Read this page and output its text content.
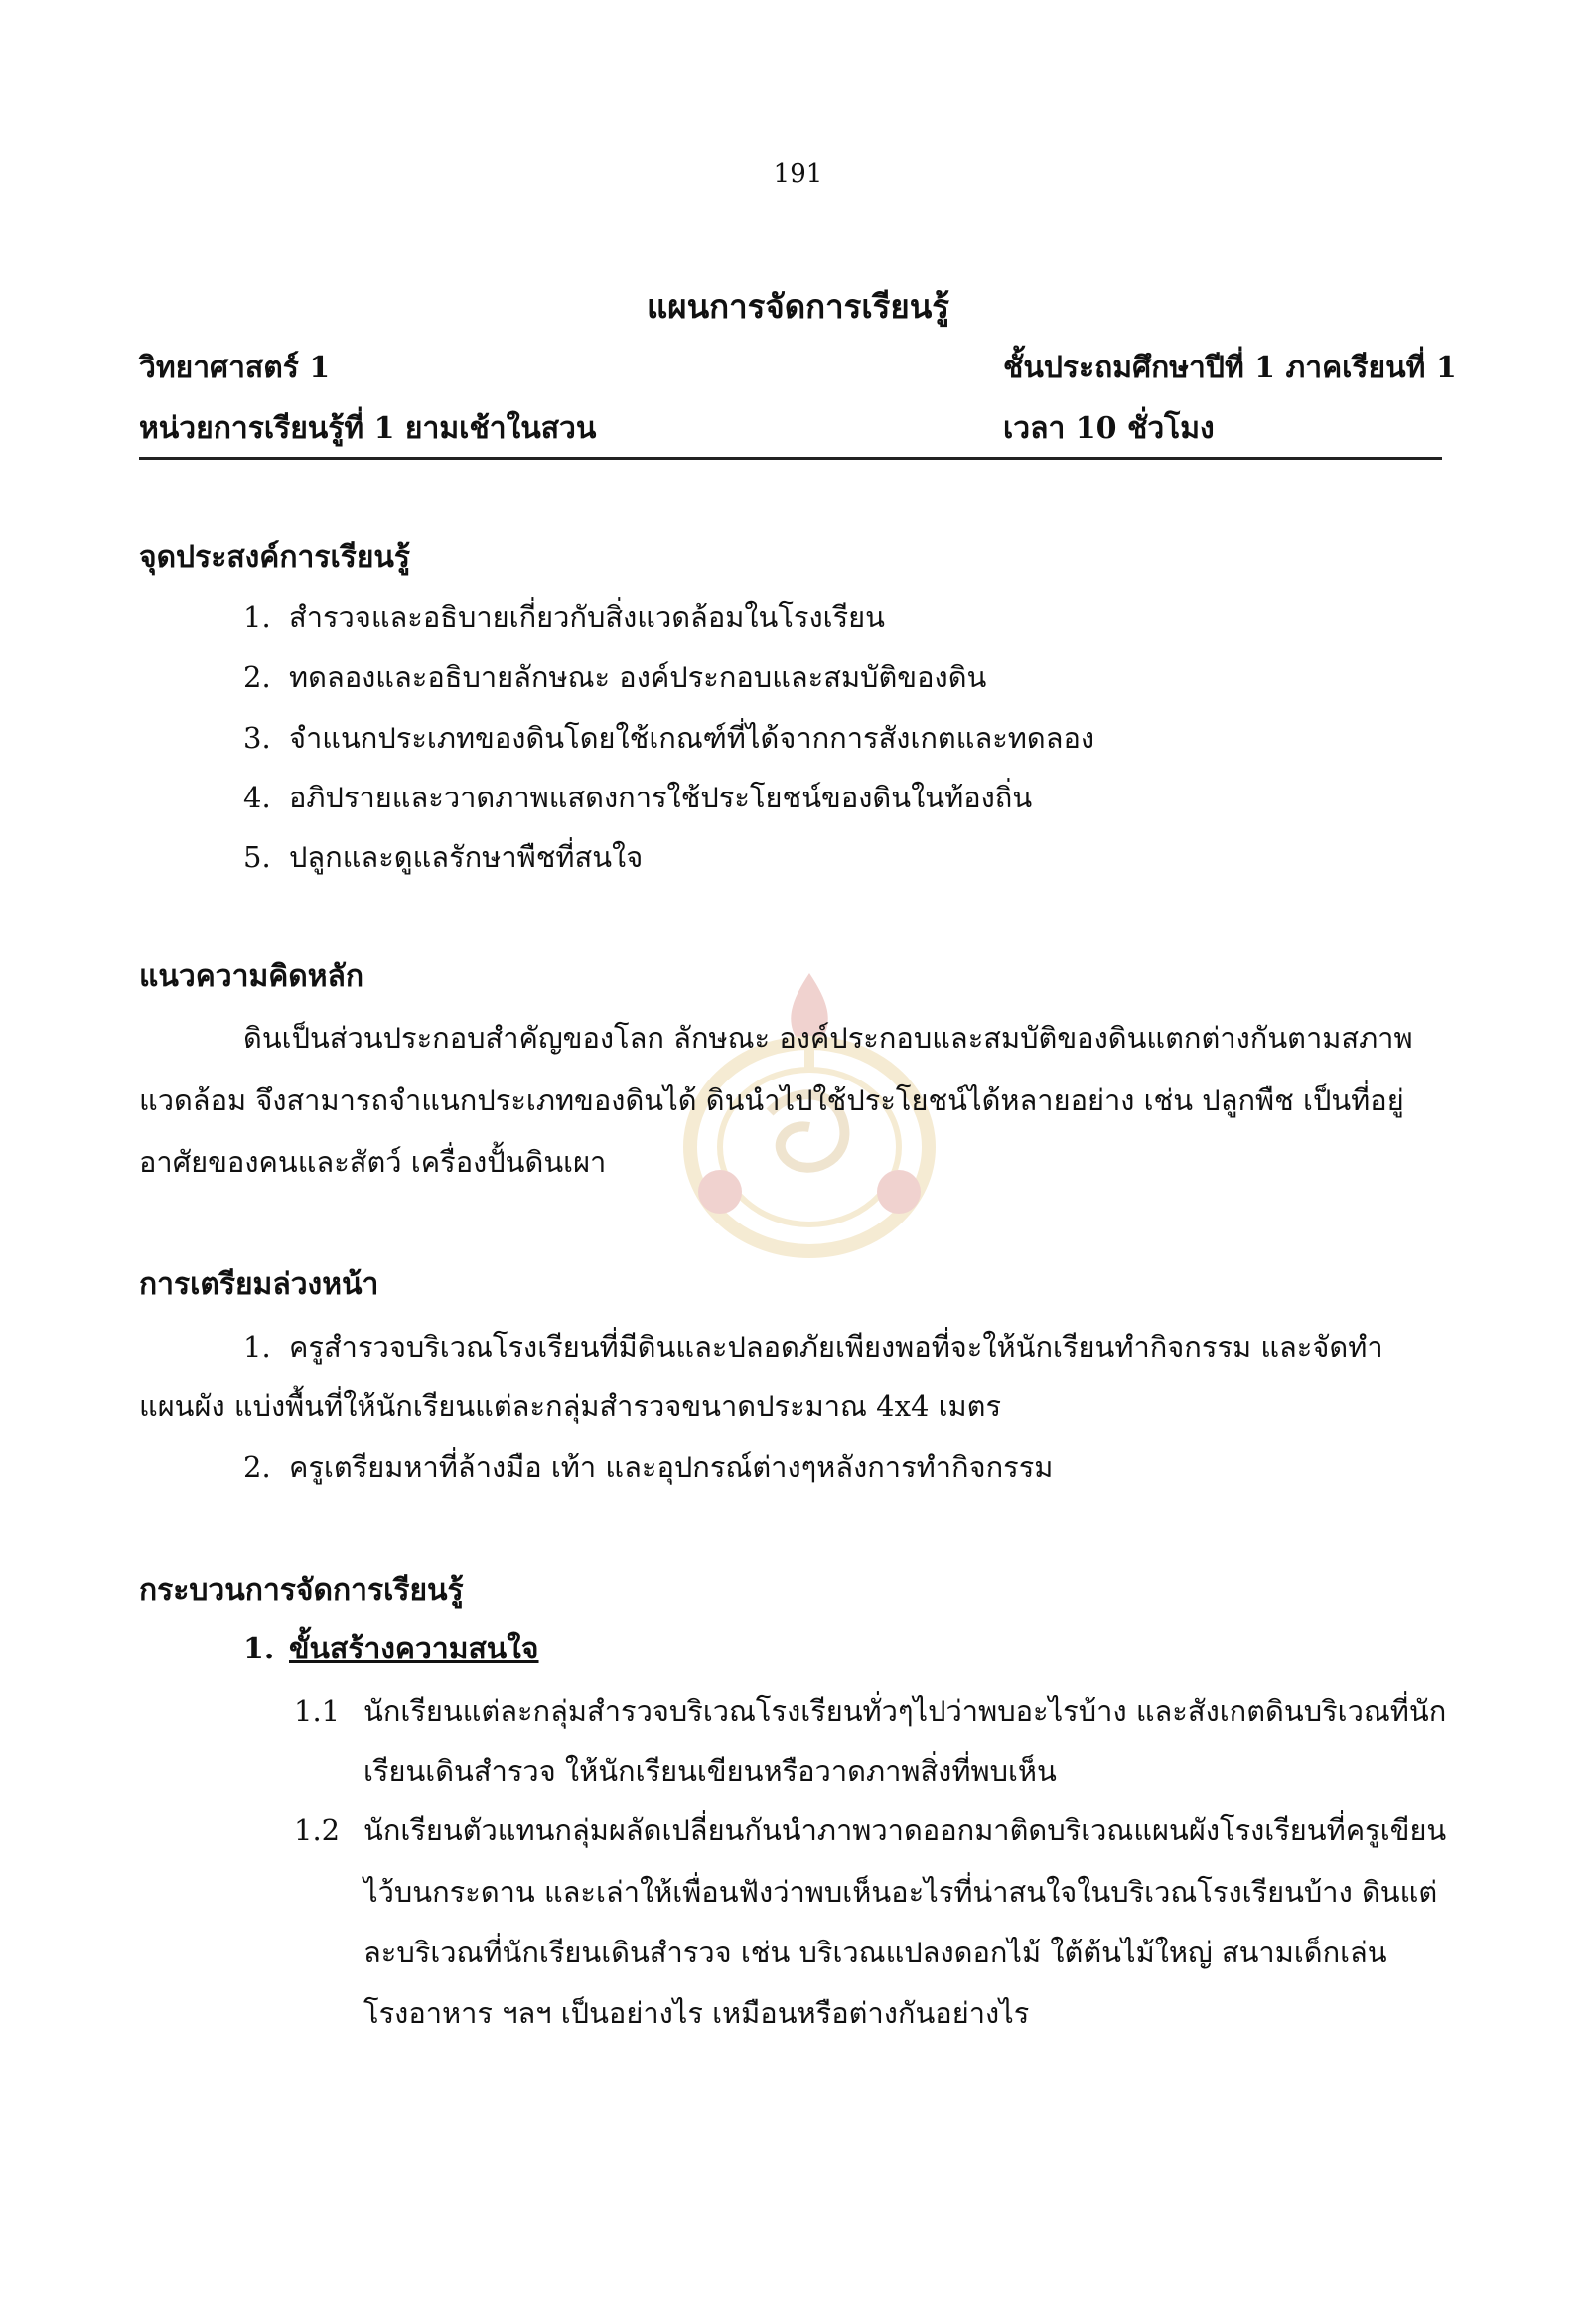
191
แผนการจัดการเรียนรู้
วิทยาศาสตร์ 1	ชั้นประถมศึกษาปีที่ 1 ภาคเรียนที่ 1
หน่วยการเรียนรู้ที่ 1 ยามเช้าในสวน	เวลา 10 ชั่วโมง
จุดประสงค์การเรียนรู้
1. สำรวจและอธิบายเกี่ยวกับสิ่งแวดล้อมในโรงเรียน
2. ทดลองและอธิบายลักษณะ องค์ประกอบและสมบัติของดิน
3. จำแนกประเภทของดินโดยใช้เกณฑ์ที่ได้จากการสังเกตและทดลอง
4. อภิปรายและวาดภาพแสดงการใช้ประโยชน์ของดินในท้องถิ่น
5. ปลูกและดูแลรักษาพืชที่สนใจ
แนวความคิดหลัก
ดินเป็นส่วนประกอบสำคัญของโลก ลักษณะ องค์ประกอบและสมบัติของดินแตกต่างกันตามสภาพ
แวดล้อม จึงสามารถจำแนกประเภทของดินได้ ดินนำไปใช้ประโยชน์ได้หลายอย่าง เช่น ปลูกพืช เป็นที่อยู่
อาศัยของคนและสัตว์ เครื่องปั้นดินเผา
การเตรียมล่วงหน้า
1. ครูสำรวจบริเวณโรงเรียนที่มีดินและปลอดภัยเพียงพอที่จะให้นักเรียนทำกิจกรรม และจัดทำ
แผนผัง แบ่งพื้นที่ให้นักเรียนแต่ละกลุ่มสำรวจขนาดประมาณ 4x4 เมตร
2. ครูเตรียมหาที่ล้างมือ เท้า และอุปกรณ์ต่างๆหลังการทำกิจกรรม
กระบวนการจัดการเรียนรู้
1. ขั้นสร้างความสนใจ
1.1 นักเรียนแต่ละกลุ่มสำรวจบริเวณโรงเรียนทั่วๆไปว่าพบอะไรบ้าง และสังเกตดินบริเวณที่นัก
เรียนเดินสำรวจ ให้นักเรียนเขียนหรือวาดภาพสิ่งที่พบเห็น
1.2 นักเรียนตัวแทนกลุ่มผลัดเปลี่ยนกันนำภาพวาดออกมาติดบริเวณแผนผังโรงเรียนที่ครูเขียน
ไว้บนกระดาน และเล่าให้เพื่อนฟังว่าพบเห็นอะไรที่น่าสนใจในบริเวณโรงเรียนบ้าง ดินแต่
ละบริเวณที่นักเรียนเดินสำรวจ เช่น บริเวณแปลงดอกไม้ ใต้ต้นไม้ใหญ่ สนามเด็กเล่น
โรงอาหาร ฯลฯ เป็นอย่างไร เหมือนหรือต่างกันอย่างไร
